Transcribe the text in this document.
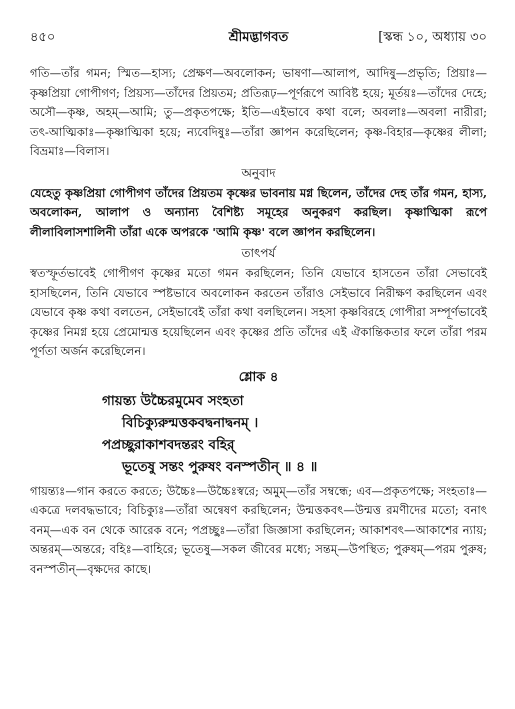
৪৫০	শ্রীমদ্ভাগবত	[স্কন্ধ ১০, অধ্যায় ৩০

গতি—তাঁর গমন; স্মিত—হাস্য; প্রেক্ষণ—অবলোকন; ভাষণা—আলাপ, আদিষু—প্রভৃতি; প্রিয়াঃ—কৃষ্ণপ্রিয়া গোপীগণ; প্রিয়স্য—তাঁদের প্রিয়তম; প্রতিরূঢ়—পূর্ণরূপে আবিষ্ট হয়ে; মূর্তয়ঃ—তাঁদের দেহে; অসৌ—কৃষ্ণ, অহম্—আমি; তু—প্রকৃতপক্ষে; ইতি—এইভাবে কথা বলে; অবলাঃ—অবলা নারীরা; তৎ-আত্মিকাঃ—কৃষ্ণাত্মিকা হয়ে; ন্যবেদিষুঃ—তাঁরা জ্ঞাপন করেছিলেন; কৃষ্ণ-বিহার—কৃষ্ণের লীলা; বিভ্রমাঃ—বিলাস।

অনুবাদ

যেহেতু কৃষ্ণপ্রিয়া গোপীগণ তাঁদের প্রিয়তম কৃষ্ণের ভাবনায় মগ্ন ছিলেন, তাঁদের দেহ তাঁর গমন, হাস্য, অবলোকন, আলাপ ও অন্যান্য বৈশিষ্ট্য সমূহের অনুকরণ করছিল। কৃষ্ণাত্মিকা রূপে লীলাবিলাসশালিনী তাঁরা একে অপরকে 'আমি কৃষ্ণ' বলে জ্ঞাপন করছিলেন।

তাৎপর্য

স্বতস্ফূর্তভাবেই গোপীগণ কৃষ্ণের মতো গমন করছিলেন; তিনি যেভাবে হাসতেন তাঁরা সেভাবেই হাসছিলেন, তিনি যেভাবে স্পষ্টভাবে অবলোকন করতেন তাঁরাও সেইভাবে নিরীক্ষণ করছিলেন এবং যেভাবে কৃষ্ণ কথা বলতেন, সেইভাবেই তাঁরা কথা বলছিলেন। সহসা কৃষ্ণবিরহে গোপীরা সম্পূর্ণভাবেই কৃষ্ণের নিমগ্ন হয়ে প্রেমোন্মত্ত হয়েছিলেন এবং কৃষ্ণের প্রতি তাঁদের এই ঐকান্তিকতার ফলে তাঁরা পরম পূর্ণতা অর্জন করেছিলেন।

শ্লোক ৪
গায়ন্ত্য উচ্চৈরমুমেব সংহতা
বিচিক্যুরুন্মত্তকবদ্বনাদ্বনম্ ।
পপ্রচ্ছুরাকাশবদন্তরং বহির্
ভূতেষু সন্তং পুরুষং বনস্পতীন্ ॥ ৪ ॥

গায়ন্ত্যঃ—গান করতে করতে; উচ্চৈঃ—উচ্চৈঃস্বরে; অমুম্—তাঁর সম্বন্ধে; এব—প্রকৃতপক্ষে; সংহতাঃ—একত্রে দলবদ্ধভাবে; বিচিক্যুঃ—তাঁরা অন্বেষণ করছিলেন; উন্মত্তকবৎ—উন্মত্ত রমণীদের মতো; বনাৎ বনম্—এক বন থেকে আরেক বনে; পপ্রচ্ছুঃ—তাঁরা জিজ্ঞাসা করছিলেন; আকাশবৎ—আকাশের ন্যায়; অন্তরম্—অন্তরে; বহিঃ—বাহিরে; ভূতেষু—সকল জীবের মধ্যে; সন্তম্—উপস্থিত; পুরুষম্—পরম পুরুষ; বনস্পতীন্—বৃক্ষদের কাছে।
